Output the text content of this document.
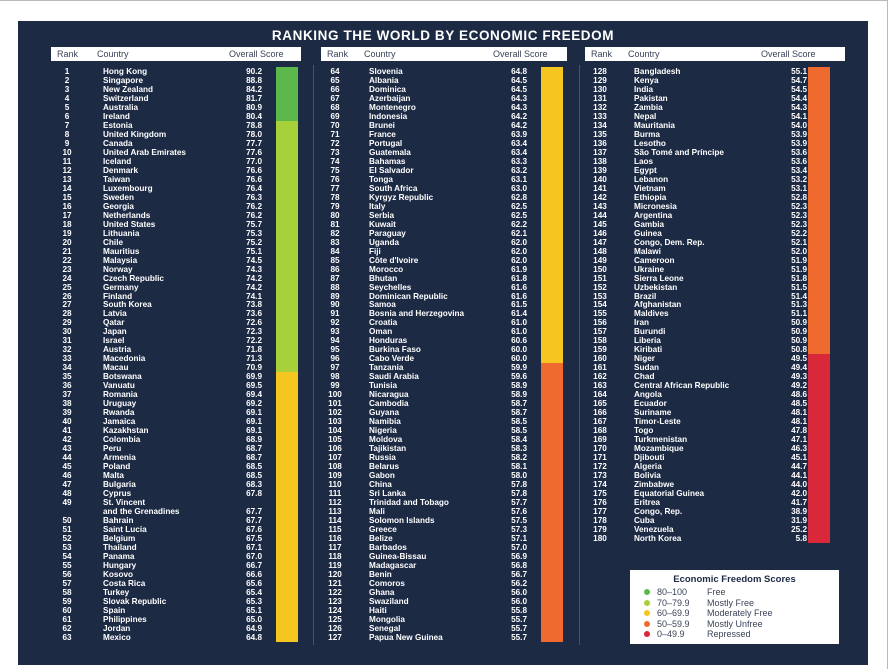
RANKING THE WORLD BY ECONOMIC FREEDOM
Rank Country	Overall Score	Rank Country	Overall Score	Rank Country	Overall Score
1	Hong Kong	90.2
2	Singapore	88.8
3	New Zealand	84.2
4	Switzerland	81.7
5	Australia	80.9
6	Ireland	80.4
7	Estonia	78.8
8	United Kingdom	78.0
9	Canada	77.7
10	United Arab Emirates	77.6
11	Iceland	77.0
12	Denmark	76.6
13	Taiwan	76.6
14	Luxembourg	76.4
15	Sweden	76.3
16	Georgia	76.2
17	Netherlands	76.2
18	United States	75.7
19	Lithuania	75.3
20	Chile	75.2
21	Mauritius	75.1
22	Malaysia	74.5
23	Norway	74.3
24	Czech Republic	74.2
25	Germany	74.2
26	Finland	74.1
27	South Korea	73.8
28	Latvia	73.6
29	Qatar	72.6
30	Japan	72.3
31	Israel	72.2
32	Austria	71.8
33	Macedonia	71.3
34	Macau	70.9
35	Botswana	69.9
36	Vanuatu	69.5
37	Romania	69.4
38	Uruguay	69.2
39	Rwanda	69.1
40	Jamaica	69.1
41	Kazakhstan	69.1
42	Colombia	68.9
43	Peru	68.7
44	Armenia	68.7
45	Poland	68.5
46	Malta	68.5
47	Bulgaria	68.3
48	Cyprus	67.8
49	St. Vincent
and the Grenadines	67.7
50	Bahrain	67.7
51	Saint Lucia	67.6
52	Belgium	67.5
53	Thailand	67.1
54	Panama	67.0
55	Hungary	66.7
56	Kosovo	66.6
57	Costa Rica	65.6
58	Turkey	65.4
59	Slovak Republic	65.3
60	Spain	65.1
61	Philippines	65.0
62	Jordan	64.9
63	Mexico	64.8
64	Slovenia	64.8
65	Albania	64.5
66	Dominica	64.5
67	Azerbaijan	64.3
68	Montenegro	64.3
69	Indonesia	64.2
70	Brunei	64.2
71	France	63.9
72	Portugal	63.4
73	Guatemala	63.4
74	Bahamas	63.3
75	El Salvador	63.2
76	Tonga	63.1
77	South Africa	63.0
78	Kyrgyz Republic	62.8
79	Italy	62.5
80	Serbia	62.5
81	Kuwait	62.2
82	Paraguay	62.1
83	Uganda	62.0
84	Fiji	62.0
85	Côte d'Ivoire	62.0
86	Morocco	61.9
87	Bhutan	61.8
88	Seychelles	61.6
89	Dominican Republic	61.6
90	Samoa	61.5
91	Bosnia and Herzegovina	61.4
92	Croatia	61.0
93	Oman	61.0
94	Honduras	60.6
95	Burkina Faso	60.0
96	Cabo Verde	60.0
97	Tanzania	59.9
98	Saudi Arabia	59.6
99	Tunisia	58.9
100	Nicaragua	58.9
101	Cambodia	58.7
102	Guyana	58.7
103	Namibia	58.5
104	Nigeria	58.5
105	Moldova	58.4
106	Tajikistan	58.3
107	Russia	58.2
108	Belarus	58.1
109	Gabon	58.0
110	China	57.8
111	Sri Lanka	57.8
112	Trinidad and Tobago	57.7
113	Mali	57.6
114	Solomon Islands	57.5
115	Greece	57.3
116	Belize	57.1
117	Barbados	57.0
118	Guinea-Bissau	56.9
119	Madagascar	56.8
120	Benin	56.7
121	Comoros	56.2
122	Ghana	56.0
123	Swaziland	56.0
124	Haiti	55.8
125	Mongolia	55.7
126	Senegal	55.7
127	Papua New Guinea	55.7
128	Bangladesh	55.1
129	Kenya	54.7
130	India	54.5
131	Pakistan	54.4
132	Zambia	54.3
133	Nepal	54.1
134	Mauritania	54.0
135	Burma	53.9
136	Lesotho	53.9
137	São Tomé and Príncipe	53.6
138	Laos	53.6
139	Egypt	53.4
140	Lebanon	53.2
141	Vietnam	53.1
142	Ethiopia	52.8
143	Micronesia	52.3
144	Argentina	52.3
145	Gambia	52.3
146	Guinea	52.2
147	Congo, Dem. Rep.	52.1
148	Malawi	52.0
149	Cameroon	51.9
150	Ukraine	51.9
151	Sierra Leone	51.8
152	Uzbekistan	51.5
153	Brazil	51.4
154	Afghanistan	51.3
155	Maldives	51.1
156	Iran	50.9
157	Burundi	50.9
158	Liberia	50.9
159	Kiribati	50.8
160	Niger	49.5
161	Sudan	49.4
162	Chad	49.3
163	Central African Republic	49.2
164	Angola	48.6
165	Ecuador	48.5
166	Suriname	48.1
167	Timor-Leste	48.1
168	Togo	47.8
169	Turkmenistan	47.1
170	Mozambique	46.3
171	Djibouti	45.1
172	Algeria	44.7
173	Bolivia	44.1
174	Zimbabwe	44.0
175	Equatorial Guinea	42.0
176	Eritrea	41.7
177	Congo, Rep.	38.9
178	Cuba	31.9
179	Venezuela	25.2
180	North Korea	5.8
Economic Freedom Scores
80–100	Free
70–79.9	Mostly Free
60–69.9	Moderately Free
50–59.9	Mostly Unfree
0–49.9	Repressed
